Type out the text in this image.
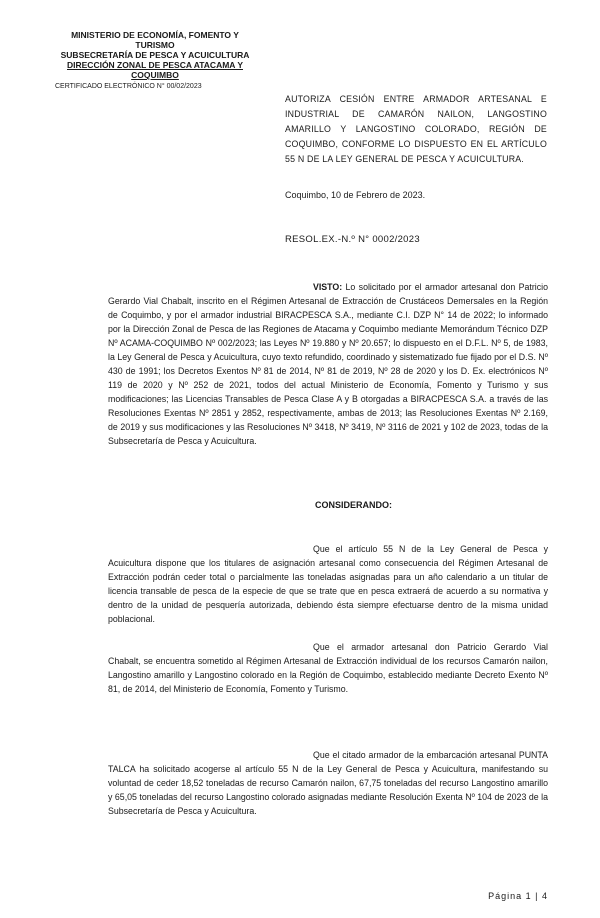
MINISTERIO DE ECONOMÍA, FOMENTO Y TURISMO
SUBSECRETARÍA DE PESCA Y ACUICULTURA
DIRECCIÓN ZONAL DE PESCA ATACAMA Y
COQUIMBO
CERTIFICADO ELECTRÓNICO N° 00/02/2023
AUTORIZA CESIÓN ENTRE ARMADOR ARTESANAL E INDUSTRIAL DE CAMARÓN NAILON, LANGOSTINO AMARILLO Y LANGOSTINO COLORADO, REGIÓN DE COQUIMBO, CONFORME LO DISPUESTO EN EL ARTÍCULO 55 N DE LA LEY GENERAL DE PESCA Y ACUICULTURA.
Coquimbo, 10 de Febrero de 2023.
RESOL.EX.-N.º N° 0002/2023

VISTO: Lo solicitado por el armador artesanal don Patricio Gerardo Vial Chabalt, inscrito en el Régimen Artesanal de Extracción de Crustáceos Demersales en la Región de Coquimbo, y por el armador industrial BIRACPESCA S.A., mediante C.I. DZP N° 14 de 2022; lo informado por la Dirección Zonal de Pesca de las Regiones de Atacama y Coquimbo mediante Memorándum Técnico DZP Nº ACAMA-COQUIMBO Nº 002/2023; las Leyes Nº 19.880 y Nº 20.657; lo dispuesto en el D.F.L. Nº 5, de 1983, la Ley General de Pesca y Acuicultura, cuyo texto refundido, coordinado y sistematizado fue fijado por el D.S. Nº 430 de 1991; los Decretos Exentos Nº 81 de 2014, Nº 81 de 2019, Nº 28 de 2020 y los D. Ex. electrónicos Nº 119 de 2020 y Nº 252 de 2021, todos del actual Ministerio de Economía, Fomento y Turismo y sus modificaciones; las Licencias Transables de Pesca Clase A y B otorgadas a BIRACPESCA S.A. a través de las Resoluciones Exentas Nº 2851 y 2852, respectivamente, ambas de 2013; las Resoluciones Exentas Nº 2.169, de 2019 y sus modificaciones y las Resoluciones Nº 3418, Nº 3419, Nº 3116 de 2021 y 102 de 2023, todas de la Subsecretaría de Pesca y Acuicultura.

CONSIDERANDO:

Que el artículo 55 N de la Ley General de Pesca y Acuicultura dispone que los titulares de asignación artesanal como consecuencia del Régimen Artesanal de Extracción podrán ceder total o parcialmente las toneladas asignadas para un año calendario a un titular de licencia transable de pesca de la especie de que se trate que en pesca extraerá de acuerdo a su normativa y dentro de la unidad de pesquería autorizada, debiendo ésta siempre efectuarse dentro de la misma unidad poblacional.

Que el armador artesanal don Patricio Gerardo Vial Chabalt, se encuentra sometido al Régimen Artesanal de Extracción individual de los recursos Camarón nailon, Langostino amarillo y Langostino colorado en la Región de Coquimbo, establecido mediante Decreto Exento Nº 81, de 2014, del Ministerio de Economía, Fomento y Turismo.

Que el citado armador de la embarcación artesanal PUNTA TALCA ha solicitado acogerse al artículo 55 N de la Ley General de Pesca y Acuicultura, manifestando su voluntad de ceder 18,52 toneladas de recurso Camarón nailon, 67,75 toneladas del recurso Langostino amarillo y 65,05 toneladas del recurso Langostino colorado asignadas mediante Resolución Exenta Nº 104 de 2023 de la Subsecretaría de Pesca y Acuicultura.

Página 1 | 4
